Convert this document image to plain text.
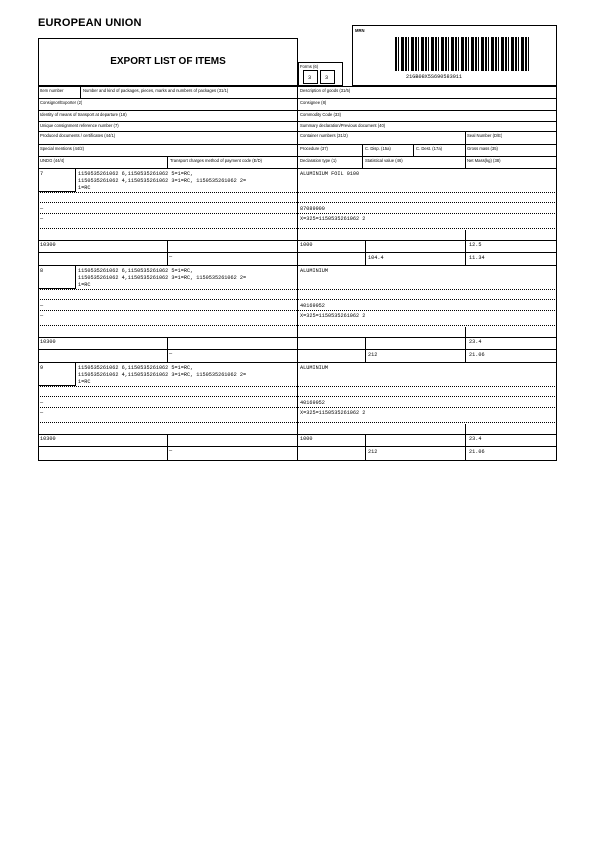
EUROPEAN UNION
EXPORT LIST OF ITEMS	Forms (6)
3	3
MRN
21GB08X5S690583011
Item number	Number and kind of packages, pieces, marks and numbers of packages (31/1)	Description of goods (31/5)
Consignor/Exporter (2)	Consignee (8)
Identity of means of transport at departure (18)	Commodity Code (33)
Unique consignment reference number (7)	Summary declaration/Previous document (40)
Produced documents / certificates (44/1)	Container numbers (31/2)	Seal Number (D/E)
Special mentions (44/2)	Procedure (37)	C. Disp. (15a)	C. Dest. (17a)	Gross mass (35)
UNDG (44/4)	Transport charges method of payment code (E/D)	Declaration type (1)	Statistical value (46)	Net Mass(kg) (38)
7	1150535261062 6,1150535261062 5=1=RC,
1150535261062 4,1150535261062 3=1=RC, 1150535261062 2=
1=RC
ALUMINIUM FOIL 0100
—	87089900
—	X=325=1150535261062 2
10300	1000	12.5
—	104.4	11.34
8	1150535261062 6,1150535261062 5=1=RC,
1150535261062 4,1150535261062 3=1=RC, 1150535261062 2=
1=RC
ALUMINIUM
—	40169952
—	X=325=1150535261062 2
10300	23.4
—	212	21.06
9	1150535261062 6,1150535261062 5=1=RC,
1150535261062 4,1150535261062 3=1=RC, 1150535261062 2=
1=RC
ALUMINIUM
—	40169952
—	X=325=1150535261062 2
10300	1000	23.4
—	212	21.06
